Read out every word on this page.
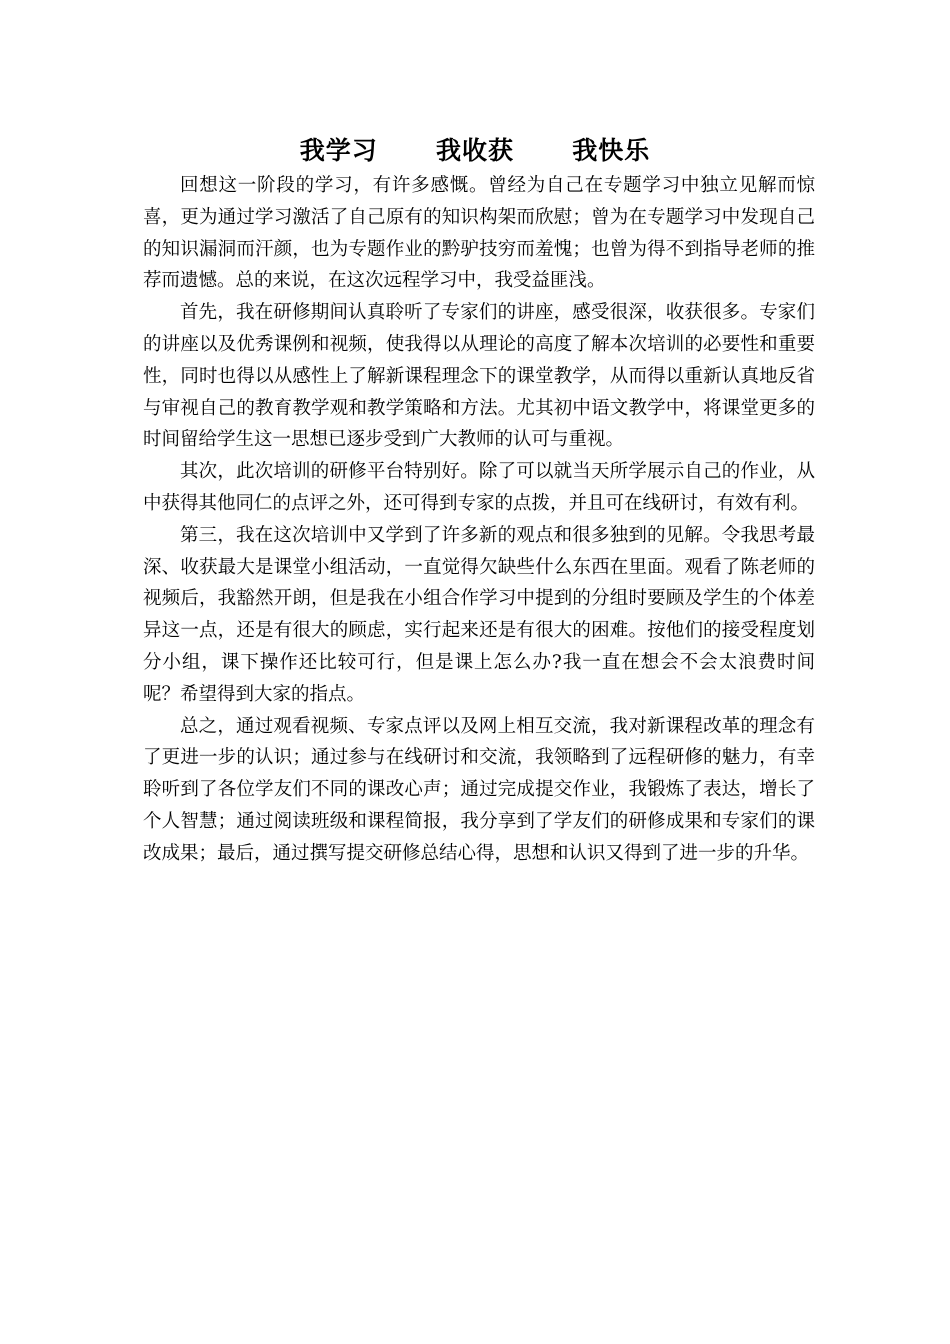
我学习      我收获      我快乐

回想这一阶段的学习，有许多感慨。曾经为自己在专题学习中独立见解而惊喜，更为通过学习激活了自己原有的知识构架而欣慰；曾为在专题学习中发现自己的知识漏洞而汗颜，也为专题作业的黔驴技穷而羞愧；也曾为得不到指导老师的推荐而遗憾。总的来说，在这次远程学习中，我受益匪浅。

首先，我在研修期间认真聆听了专家们的讲座，感受很深，收获很多。专家们的讲座以及优秀课例和视频，使我得以从理论的高度了解本次培训的必要性和重要性，同时也得以从感性上了解新课程理念下的课堂教学，从而得以重新认真地反省与审视自己的教育教学观和教学策略和方法。尤其初中语文教学中，将课堂更多的时间留给学生这一思想已逐步受到广大教师的认可与重视。

其次，此次培训的研修平台特别好。除了可以就当天所学展示自己的作业，从中获得其他同仁的点评之外，还可得到专家的点拨，并且可在线研讨，有效有利。

第三，我在这次培训中又学到了许多新的观点和很多独到的见解。令我思考最深、收获最大是课堂小组活动，一直觉得欠缺些什么东西在里面。观看了陈老师的视频后，我豁然开朗，但是我在小组合作学习中提到的分组时要顾及学生的个体差异这一点，还是有很大的顾虑，实行起来还是有很大的困难。按他们的接受程度划分小组，课下操作还比较可行，但是课上怎么办?我一直在想会不会太浪费时间呢？希望得到大家的指点。

总之，通过观看视频、专家点评以及网上相互交流，我对新课程改革的理念有了更进一步的认识；通过参与在线研讨和交流，我领略到了远程研修的魅力，有幸聆听到了各位学友们不同的课改心声；通过完成提交作业，我锻炼了表达，增长了个人智慧；通过阅读班级和课程简报，我分享到了学友们的研修成果和专家们的课改成果；最后，通过撰写提交研修总结心得，思想和认识又得到了进一步的升华。
